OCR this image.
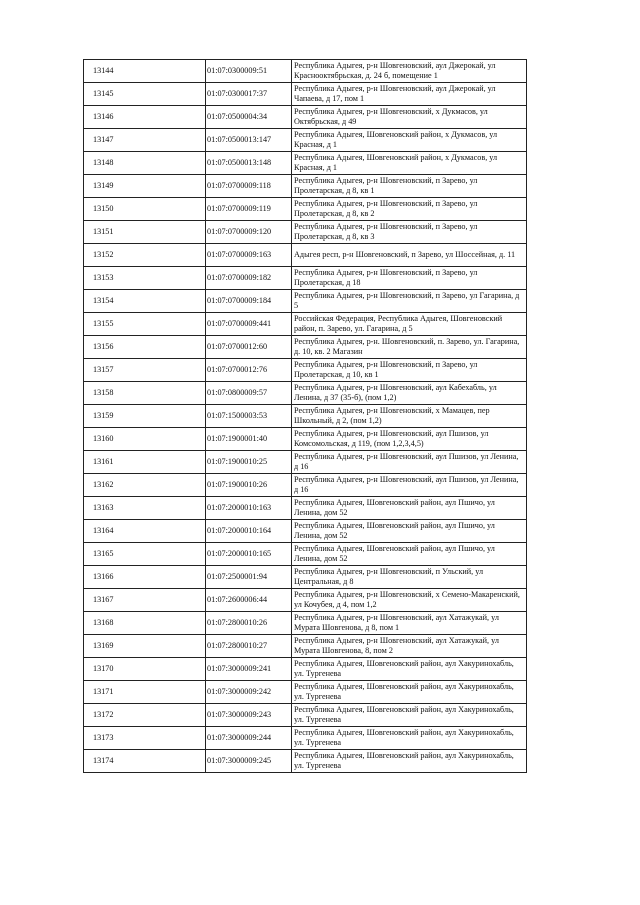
13144	01:07:0300009:51	Республика Адыгея, р-н Шовгеновский, аул Джерокай, ул Краснооктябрьская, д. 24 б, помещение 1
13145	01:07:0300017:37	Республика Адыгея, р-н Шовгеновский, аул Джерокай, ул Чапаева, д 17, пом 1
13146	01:07:0500004:34	Республика Адыгея, р-н Шовгеновский, х Дукмасов, ул Октябрьская, д 49
13147	01:07:0500013:147	Республика Адыгея, Шовгеновский район, х Дукмасов, ул Красная, д 1
13148	01:07:0500013:148	Республика Адыгея, Шовгеновский район, х Дукмасов, ул Красная, д 1
13149	01:07:0700009:118	Республика Адыгея, р-н Шовгеновский, п Зарево, ул Пролетарская, д 8, кв 1
13150	01:07:0700009:119	Республика Адыгея, р-н Шовгеновский, п Зарево, ул Пролетарская, д 8, кв 2
13151	01:07:0700009:120	Республика Адыгея, р-н Шовгеновский, п Зарево, ул Пролетарская, д 8, кв 3
13152	01:07:0700009:163	Адыгея респ, р-н Шовгеновский, п Зарево, ул Шоссейная, д. 11
13153	01:07:0700009:182	Республика Адыгея, р-н Шовгеновский, п Зарево, ул Пролетарская, д 18
13154	01:07:0700009:184	Республика Адыгея, р-н Шовгеновский, п Зарево, ул Гагарина, д 5
13155	01:07:0700009:441	Российская Федерация, Республика Адыгея, Шовгеновский район, п. Зарево, ул. Гагарина, д 5
13156	01:07:0700012:60	Республика Адыгея, р-н. Шовгеновский, п. Зарево, ул. Гагарина, д. 10, кв. 2 Магазин
13157	01:07:0700012:76	Республика Адыгея, р-н Шовгеновский, п Зарево, ул Пролетарская, д 10, кв 1
13158	01:07:0800009:57	Республика Адыгея, р-н Шовгеновский, аул Кабехабль, ул Ленина, д 37 (35-б), (пом 1,2)
13159	01:07:1500003:53	Республика Адыгея, р-н Шовгеновский, х Мамацев, пер Школьный, д 2, (пом 1,2)
13160	01:07:1900001:40	Республика Адыгея, р-н Шовгеновский, аул Пшизов, ул Комсомольская, д 119, (пом 1,2,3,4,5)
13161	01:07:1900010:25	Республика Адыгея, р-н Шовгеновский, аул Пшизов, ул Ленина, д 16
13162	01:07:1900010:26	Республика Адыгея, р-н Шовгеновский, аул Пшизов, ул Ленина, д 16
13163	01:07:2000010:163	Республика Адыгея, Шовгеновский район, аул Пшичо, ул Ленина, дом 52
13164	01:07:2000010:164	Республика Адыгея, Шовгеновский район, аул Пшичо, ул Ленина, дом 52
13165	01:07:2000010:165	Республика Адыгея, Шовгеновский район, аул Пшичо, ул Ленина, дом 52
13166	01:07:2500001:94	Республика Адыгея, р-н Шовгеновский, п Ульский, ул Центральная, д 8
13167	01:07:2600006:44	Республика Адыгея, р-н Шовгеновский, х Семено-Макаренский, ул Кочубея, д 4, пом 1,2
13168	01:07:2800010:26	Республика Адыгея, р-н Шовгеновский, аул Хатажукай, ул Мурата Шовгенова, д 8, пом 1
13169	01:07:2800010:27	Республика Адыгея, р-н Шовгеновский, аул Хатажукай, ул Мурата Шовгенова, 8, пом 2
13170	01:07:3000009:241	Республика Адыгея, Шовгеновский район, аул Хакуринохабль, ул. Тургенева
13171	01:07:3000009:242	Республика Адыгея, Шовгеновский район, аул Хакуринохабль, ул. Тургенева
13172	01:07:3000009:243	Республика Адыгея, Шовгеновский район, аул Хакуринохабль, ул. Тургенева
13173	01:07:3000009:244	Республика Адыгея, Шовгеновский район, аул Хакуринохабль, ул. Тургенева
13174	01:07:3000009:245	Республика Адыгея, Шовгеновский район, аул Хакуринохабль, ул. Тургенева
